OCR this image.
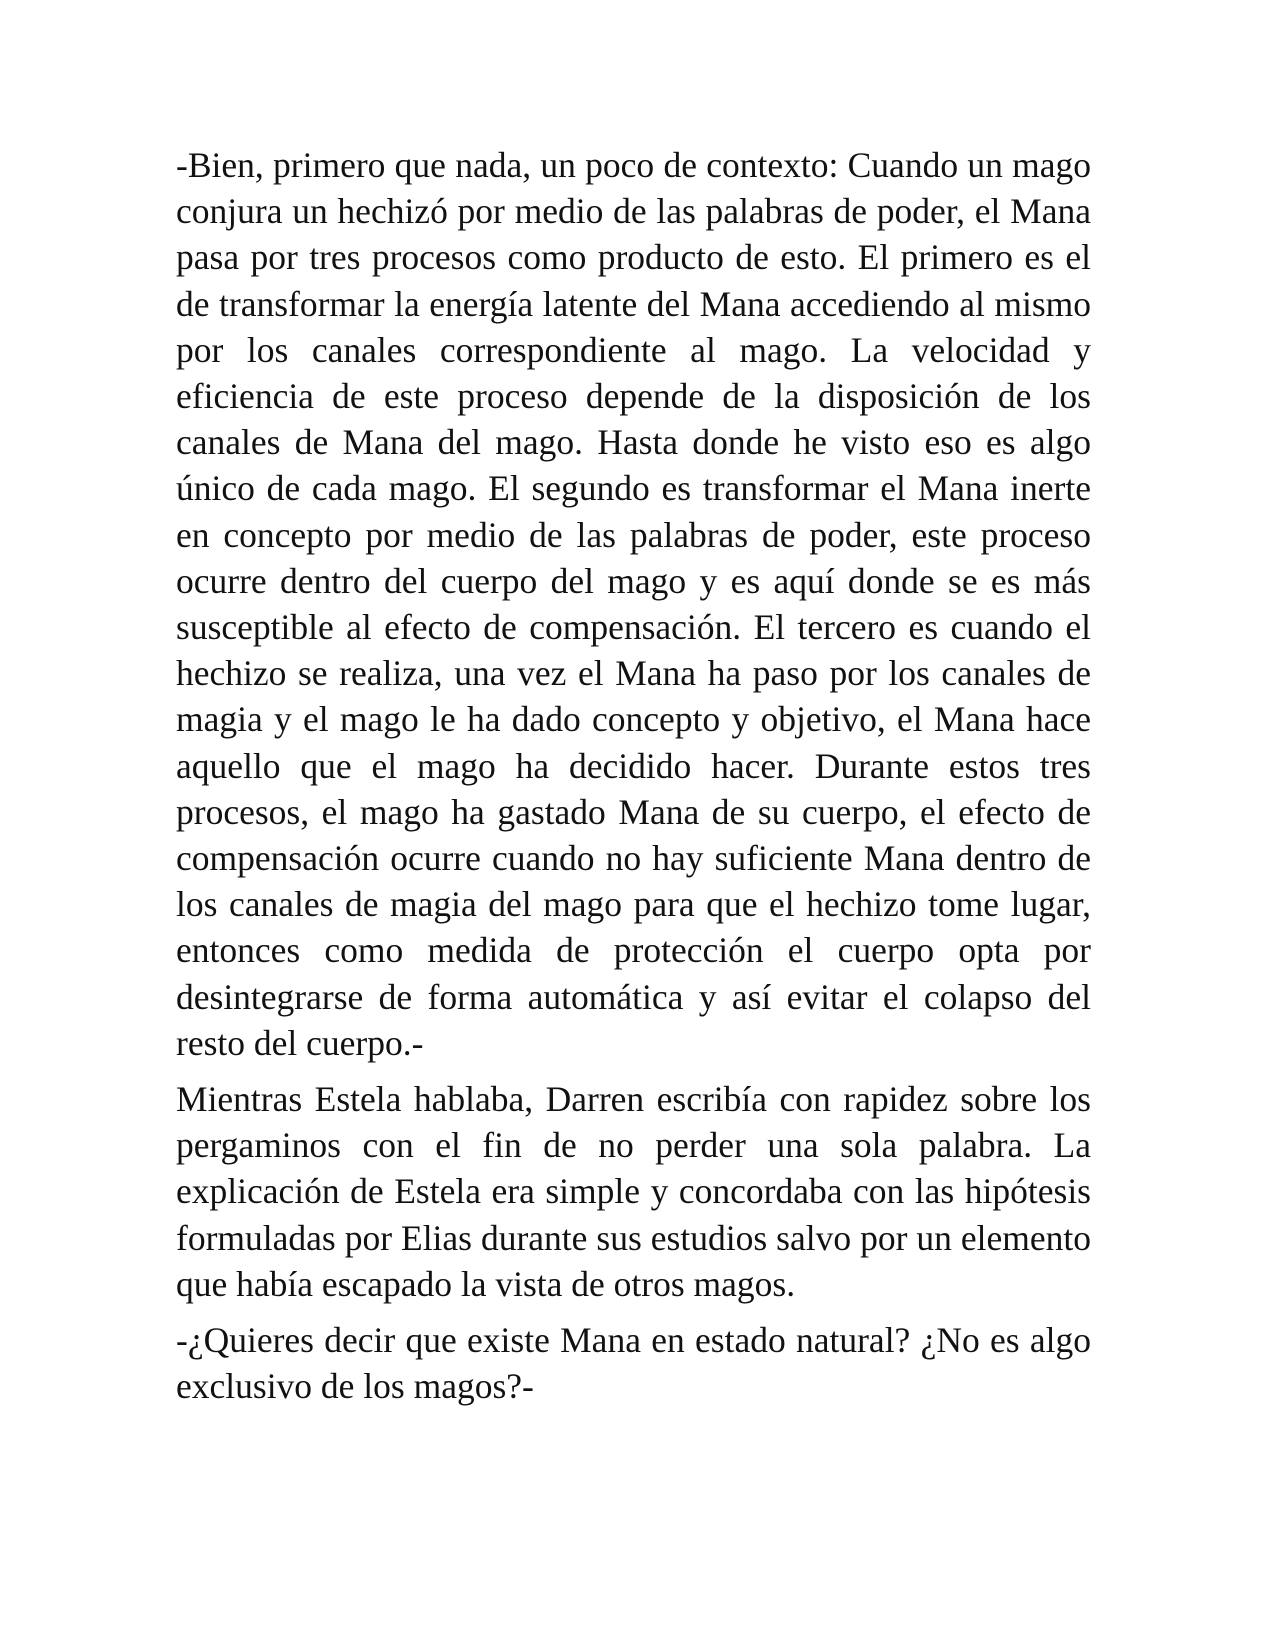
-Bien, primero que nada, un poco de contexto: Cuando un mago conjura un hechizó por medio de las palabras de poder, el Mana pasa por tres procesos como producto de esto. El primero es el de transformar la energía latente del Mana accediendo al mismo por los canales correspondiente al mago. La velocidad y eficiencia de este proceso depende de la disposición de los canales de Mana del mago. Hasta donde he visto eso es algo único de cada mago. El segundo es transformar el Mana inerte en concepto por medio de las palabras de poder, este proceso ocurre dentro del cuerpo del mago y es aquí donde se es más susceptible al efecto de compensación. El tercero es cuando el hechizo se realiza, una vez el Mana ha paso por los canales de magia y el mago le ha dado concepto y objetivo, el Mana hace aquello que el mago ha decidido hacer. Durante estos tres procesos, el mago ha gastado Mana de su cuerpo, el efecto de compensación ocurre cuando no hay suficiente Mana dentro de los canales de magia del mago para que el hechizo tome lugar, entonces como medida de protección el cuerpo opta por desintegrarse de forma automática y así evitar el colapso del resto del cuerpo.-

Mientras Estela hablaba, Darren escribía con rapidez sobre los pergaminos con el fin de no perder una sola palabra. La explicación de Estela era simple y concordaba con las hipótesis formuladas por Elias durante sus estudios salvo por un elemento que había escapado la vista de otros magos.

-¿Quieres decir que existe Mana en estado natural? ¿No es algo exclusivo de los magos?-
